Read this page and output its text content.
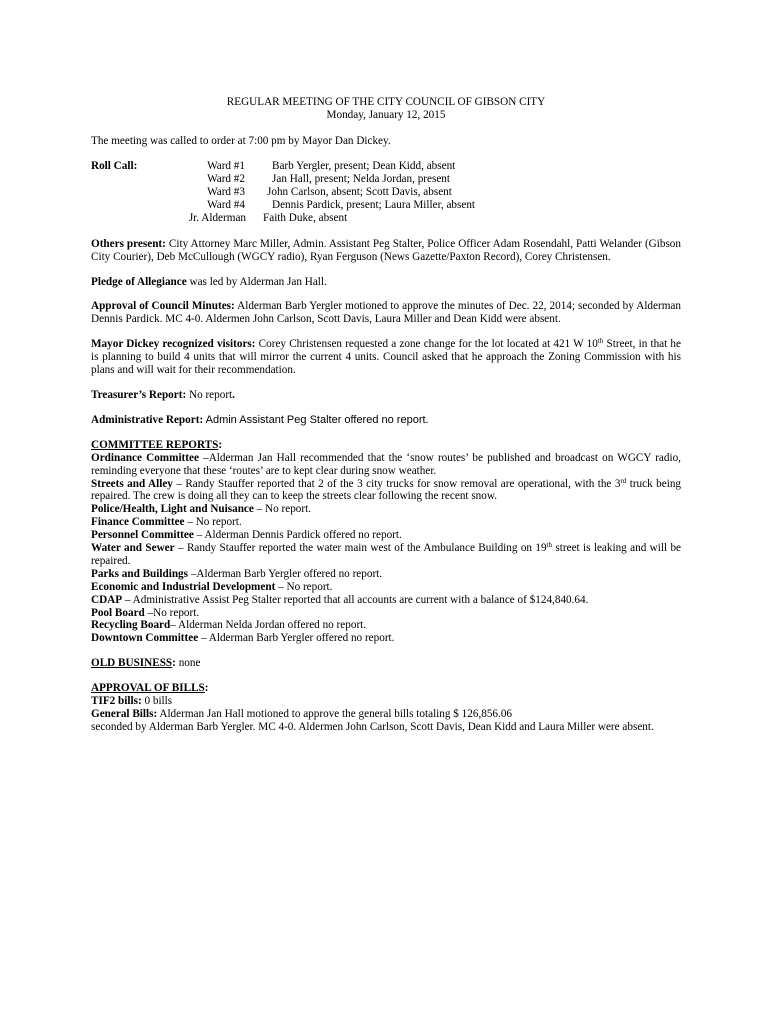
REGULAR MEETING OF THE CITY COUNCIL OF GIBSON CITY
Monday, January 12, 2015

The meeting was called to order at 7:00 pm by Mayor Dan Dickey.

Roll Call:	Ward #1 Barb Yergler, present; Dean Kidd, absent
Ward #2 Jan Hall, present; Nelda Jordan, present
Ward #3 John Carlson, absent; Scott Davis, absent
Ward #4 Dennis Pardick, present; Laura Miller, absent
Jr. Alderman Faith Duke, absent

Others present: City Attorney Marc Miller, Admin. Assistant Peg Stalter, Police Officer Adam Rosendahl, Patti Welander (Gibson City Courier), Deb McCullough (WGCY radio), Ryan Ferguson (News Gazette/Paxton Record), Corey Christensen.

Pledge of Allegiance was led by Alderman Jan Hall.

Approval of Council Minutes: Alderman Barb Yergler motioned to approve the minutes of Dec. 22, 2014; seconded by Alderman Dennis Pardick. MC 4-0. Aldermen John Carlson, Scott Davis, Laura Miller and Dean Kidd were absent.

Mayor Dickey recognized visitors: Corey Christensen requested a zone change for the lot located at 421 W 10th Street, in that he is planning to build 4 units that will mirror the current 4 units. Council asked that he approach the Zoning Commission with his plans and will wait for their recommendation.

Treasurer’s Report: No report.

Administrative Report: Admin Assistant Peg Stalter offered no report.

COMMITTEE REPORTS:

Ordinance Committee –Alderman Jan Hall recommended that the ‘snow routes’ be published and broadcast on WGCY radio, reminding everyone that these ‘routes’ are to kept clear during snow weather.

Streets and Alley – Randy Stauffer reported that 2 of the 3 city trucks for snow removal are operational, with the 3rd truck being repaired. The crew is doing all they can to keep the streets clear following the recent snow.

Police/Health, Light and Nuisance – No report.

Finance Committee – No report.

Personnel Committee – Alderman Dennis Pardick offered no report.

Water and Sewer – Randy Stauffer reported the water main west of the Ambulance Building on 19th street is leaking and will be repaired.

Parks and Buildings –Alderman Barb Yergler offered no report.

Economic and Industrial Development – No report.

CDAP – Administrative Assist Peg Stalter reported that all accounts are current with a balance of $124,840.64.

Pool Board –No report.

Recycling Board– Alderman Nelda Jordan offered no report.

Downtown Committee – Alderman Barb Yergler offered no report.

OLD BUSINESS: none

APPROVAL OF BILLS:

TIF2 bills: 0 bills

General Bills: Alderman Jan Hall motioned to approve the general bills totaling $ 126,856.06
seconded by Alderman Barb Yergler. MC 4-0. Aldermen John Carlson, Scott Davis, Dean Kidd and Laura Miller were absent.
